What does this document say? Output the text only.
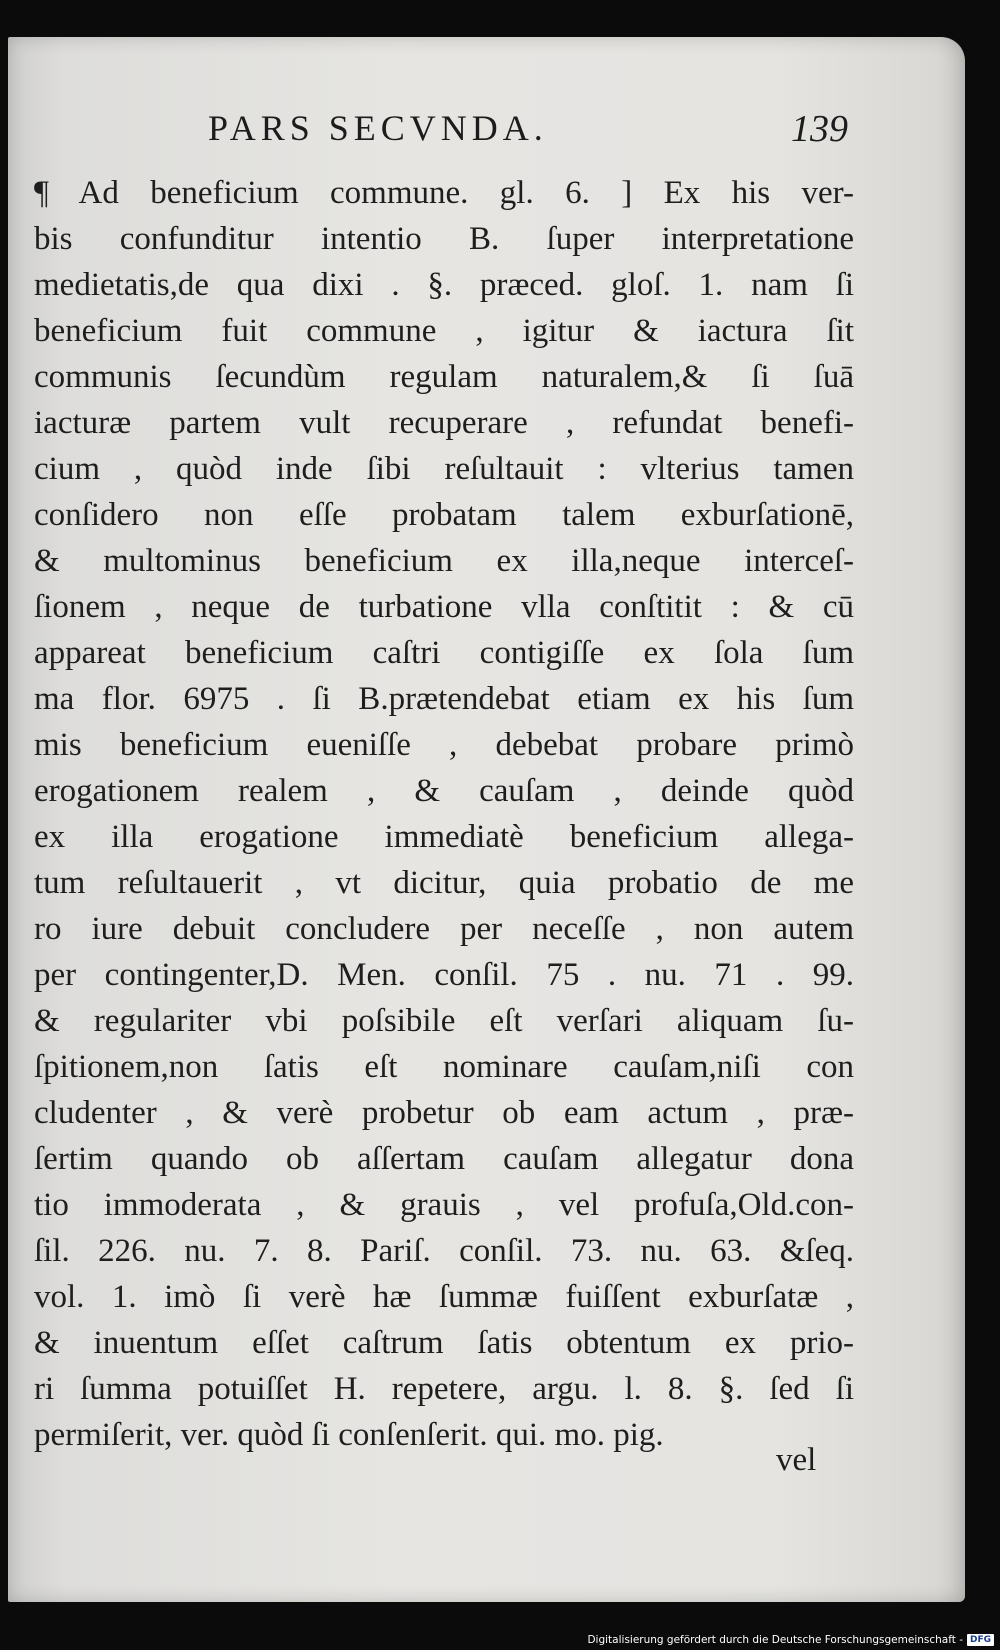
PARS SECVNDA.	139
¶ Ad beneficium commune. gl. 6. ] Ex his ver-
bis confunditur intentio B. ſuper interpretatione
medietatis,de qua dixi . §. præced. gloſ. 1. nam ſi
beneficium fuit commune , igitur & iactura ſit
communis ſecundùm regulam naturalem,& ſi ſuā
iacturæ partem vult recuperare , refundat benefi-
cium , quòd inde ſibi reſultauit : vlterius tamen
conſidero non eſſe probatam talem exburſationē,
& multominus beneficium ex illa,neque interceſ-
ſionem , neque de turbatione vlla conſtitit : & cū
appareat beneficium caſtri contigiſſe ex ſola ſum
ma flor. 6975 . ſi B.prætendebat etiam ex his ſum
mis beneficium eueniſſe , debebat probare primò
erogationem realem , & cauſam , deinde quòd
ex illa erogatione immediatè beneficium allega-
tum reſultauerit , vt dicitur, quia probatio de me
ro iure debuit concludere per neceſſe , non autem
per contingenter,D. Men. conſil. 75 . nu. 71 . 99.
& regulariter vbi poſsibile eſt verſari aliquam ſu-
ſpitionem,non ſatis eſt nominare cauſam,niſi con
cludenter , & verè probetur ob eam actum , præ-
ſertim quando ob aſſertam cauſam allegatur dona
tio immoderata , & grauis , vel profuſa,Old.con-
ſil. 226. nu. 7. 8. Pariſ. conſil. 73. nu. 63. &ſeq.
vol. 1. imò ſi verè hæ ſummæ fuiſſent exburſatæ ,
& inuentum eſſet caſtrum ſatis obtentum ex prio-
ri ſumma potuiſſet H. repetere, argu. l. 8. §. ſed ſi
permiſerit, ver. quòd ſi conſenſerit. qui. mo. pig.
vel
Digitalisierung gefördert durch die Deutsche Forschungsgemeinschaft - DFG
